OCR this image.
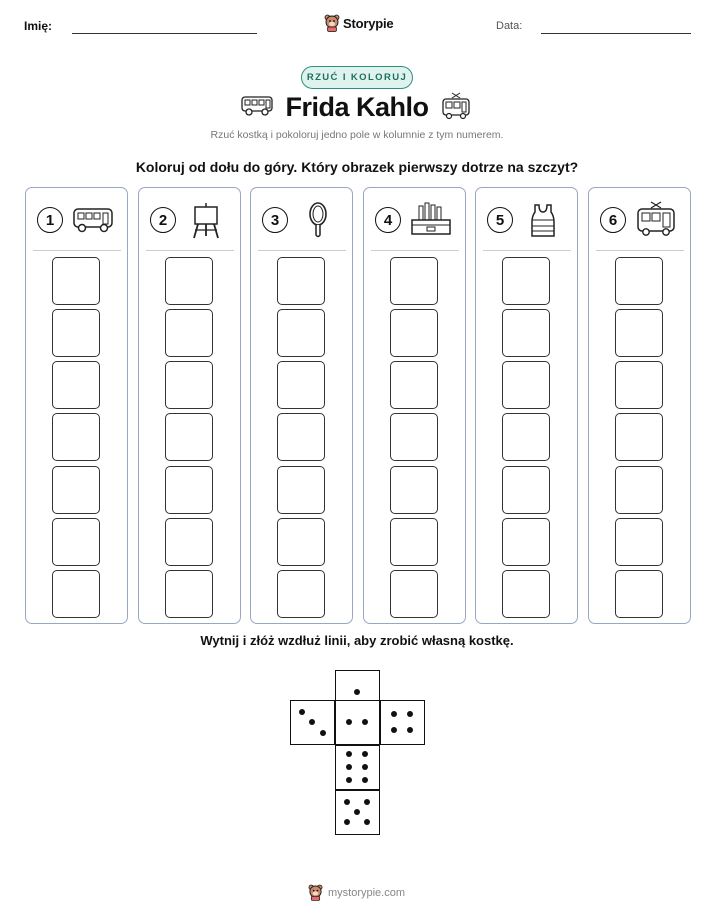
Imię:	Storypie	Data:
RZUĆ I KOLORUJ
Frida Kahlo
Rzuć kostką i pokoloruj jedno pole w kolumnie z tym numerem.
Koloruj od dołu do góry. Który obrazek pierwszy dotrze na szczyt?
1	2	3	4	5	6
Wytnij i złóż wzdłuż linii, aby zrobić własną kostkę.
mystorypie.com
